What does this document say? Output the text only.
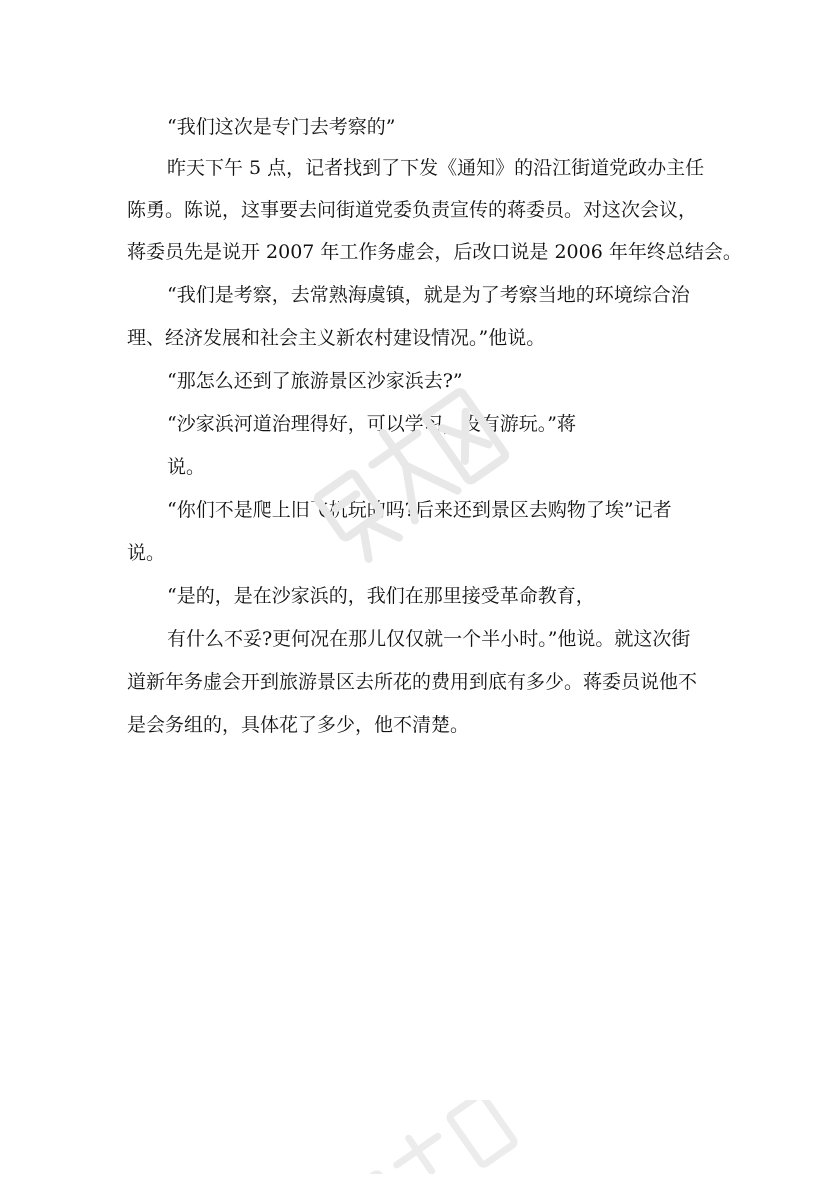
“我们这次是专门去考察的”
昨天下午 5 点，记者找到了下发《通知》的沿江街道党政办主任
陈勇。陈说，这事要去问街道党委负责宣传的蒋委员。对这次会议，
蒋委员先是说开 2007 年工作务虚会，后改口说是 2006 年年终总结会。
“我们是考察，去常熟海虞镇，就是为了考察当地的环境综合治
理、经济发展和社会主义新农村建设情况。”他说。
“那怎么还到了旅游景区沙家浜去?”
“沙家浜河道治理得好，可以学习，没有游玩。”蒋
说。
“你们不是爬上旧飞机玩的吗?后来还到景区去购物了埃”记者
说。
“是的，是在沙家浜的，我们在那里接受革命教育，
有什么不妥?更何况在那儿仅仅就一个半小时。”他说。就这次街
道新年务虚会开到旅游景区去所花的费用到底有多少。蒋委员说他不
是会务组的，具体花了多少，他不清楚。
